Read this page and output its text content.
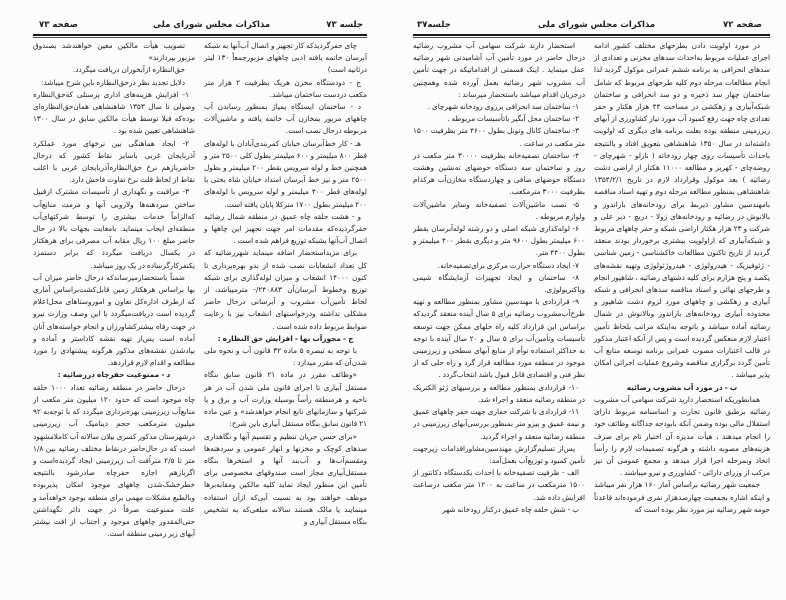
صفحه ۷۳	مذاکرات مجلس شورای ملی	جلسه ۷۳

تصویب هیأت مالکین معین خواهندشد بصندوق مزبور بپردازند»

حق‌النظاره ازآبخوران دریافت میگردد.

دلایل تجدید نظر درحق‌النظاره باین شرح میباشد:

۱- افزایش هزینه‌های اداری پرسنلی که‌حق‌النظاره وصولی تا سال ۱۳۵۳ شاهنشاهی همان‌حق‌النظاره‌ای بوده‌که قبلا توسط هیأت مالکین سابق در سال ۱۳۰۰ شاهنشاهی تعیین شده بود .

۲- ایجاد هماهنگی بین نرخهای مورد عملکرد آذربایجان غربی باسایر نقاط کشور که درحال حاضربازهم نرخ حق‌النظاره‌آذربایجان غربی با اغلب نقاط از لحاظ قلت نرخ تفاوت فاحش دارد.

۳- مراقبت و نگهداری از تأسیسات مشترک ازقبیل ساختن سردهنه‌ها ولاروبی آنها و مرمت منابع‌آب که‌الزاماً خدمات بیشتری را توسط شرکتهای‌آب منطقه‌ای ایجاب مینماید. بامعایت بجهات بالا در حال حاضر مبلغ ۱۰۰ ریال مقابه آب مصرفی برای هرهکتار در یکسال دریافت میگردد که برابر دستمزد یکنفرکارگرساده در یک روز میباشد.

ضمناً باستحضارمیرساند‌که درحال حاضر میزان آب بها براساس هرهکتار زمین قابل‌کشت‌براساس آماری که ازطرف اداره‌کل تعاون و اموروستاهای محل‌اعلام گردیده است دریافت‌میگردد با این وصف وزارت نیرو در جهت رفاه بیشترکشاورزان و انجام خواسته‌های آنان آماده است پس‌از تهیه نقشه کاداستر و آماده و بپادشدن نقشه‌های مذکور هرگونه پیشنهادی را مورد مطالعه و اقدام لازم قراردهد.

د - ممنوعیت حفرچاه دررضائیه :

درحال حاضر در منطقه رضائیه تعداد ۱۰۰۰ حلقه چاه موجود است که حدود ۱۲۰ میلیون متر مکعب از منابع‌آب زیرزمینی بهره‌برداری میگردد که با توجه‌به ۹۲ میلیون مترمکعب حجم دینامیک آب زیرزمینی درشهرستان مذکور کسری بیلان سالانه آب کاملامشهود است که در حال‌حاضر درنقاط مختلف رضائیه بین ۱/۸ متر تا ۲/۵ متراُفت آب زیرزمینی ایجاد گردیده‌است و اگربازهم اجازه حفرچاه صادرشود بالنتیجه خطرخشک‌شدن چاههای موجود امکان پذیربوده وبالطبع مشکلات مهمی برای منطقه بوجود خواهدآمد و علت ممنوعیت صرفاً در جهت دائر نگهداشتن حتی‌المقدور چاههای موجود و اجتناب از افت بیشتر آبهای زیر زمینی منطقه است.

چای حفرگردید‌که کار تجهیز و اتصال آب‌آنها به شبکه آبرسان خاتمه یافته (دبی چاههای مزبورجمعاً ۱۳۰ لیتر درثانیه است)

ج - دودستگاه مخزن هریک بظرفیت ۲ هزار متر مکعب دردست ساختمان میباشد.

د - ساختمان ایستگاه پمپاژ بمنظور رساندن آب چاههای مزبور بمخازن آب خاتمه یافته و ماشین‌آلات مربوطه درحال نصب است.

هـ - کار خط‌آبرسان خیابان کمربندی‌آبادان با لوله‌های قطر ۸۰۰ میلیمتر و ۶۰۰ میلیمتر بطول کلی ۲۵۰۰ متر و همچنین خط و لوله سرویس بقطر ۲۰۰ میلیمتر و بطول ۲۵۰۰ متر و نیز خط آبرسان امتداد خیابان شاه بختی با لوله‌های قطر ۴۰۰ میلیمتر و لوله سرویس با لوله‌های ۲۰۰ میلیمتر بطول ۱۷۰۰ مترکلا پایان یافته است.

و - هشت حلقه چاه عمیق در منطقه شمال رضائیه حفرگردیده‌که مقدمات امر جهت تجهیز این چاهها و اتصال آب‌آنها بشبکه توزیع فراهم شده است .

برای مزیداستحضار اضافه مینماید شهررضائیه که کل تعداد انشعابات نصب شده از بدو بهره‌برداری تا کنون ۱۴۰۰۰ انشعاب و میزان لوله‌گذاری برای شبکه توزیع وخطوط آبرسان‌آن ۲۴۰۸۸۳/- مترمیباشد، از لحاظ تأمین‌آب مشروب و آبرسانی درحال حاضر مشکلی نداشته ودرخواستهای انشعاب نیز با رعایت ضوابط مربوط داده شده است .

ج - مجوزآب بها - افزایش حق النظاره :

با توجه به تبصره ۵ ماده ۳۲ قانون آب و نحوه ملی شدن‌آن که مقرر میدارد :

«وظائف مقرر در ماده ۲۱ قانون سابق بنگاه مستقل آبیاری تا اجرای قانون ملی شدن آب در هر ناحیه و هرمنطقه رأساً بوسیله وزارت آب و برق و یا شرکتها و سازمانهای تابع انجام خواهدشد» و عین ماده ۲۱ قانون سابق بنگاه مستقل آبیاری باین شرح:

«برای حسن جریان تنظیم و تقسیم آبها و نگاهداری سدهای کوچک و مخزنها و انهار عمومی و سردهنه‌ها ومقسم‌آب‌ها و آب‌بند آنها و استخرها بنگاه مستقل‌آبیاری مجاز است صندوقهای مخصوصی برای تأمین این منظور ایجاد نماید کلیه مالکین ومقابه‌برها موظف خواهند بود به نسبت آبی‌که ازآن استفاده مینمایند یا مالک هستند سالانه مبلغی‌که به تشخیص بنگاه مستقل آبیاری و

جلسه۳۷	مذاکرات مجلس شورای ملی	صفحه ۷۲

استحضار دارند شرکت سهامی آب مشروب رضائیه درحال حاضر در مورد تأمین آب آشامیدنی شهر رضائیه عمل مینماید . اینک قسمتی از اقداماتیکه در جهت تأمین آب مشروب شهر رضائیه بعمل آورده شده وهمچنین درجریان اقدام میباشد باستحضار میرساند :

۱- ساختمان سد انحرافی برروی رودخانه شهرچای .

۲- ساختمان محل آبگیر باتأسیسات مربوطه .

۳- ساختمان کانال وتونل بطول ۴۶۰۰ متر بظرفیت ۱۵۰۰ متر مکعب در ساعت .

۴- ساختمان تصفیه‌خانه بظرفیت ۳۰۰۰۰ متر مکعب در روز و ساختمان سه دستگاه حوضهای ته‌نشین وهشت دستگاه حوضهای صافی و چهاردستگاه مخازن‌آب هرکدام بظرفیت ۳۰۰۰ مترمکعب.

۵- نصب ماشین‌آلات تصفیه‌خانه وسایر ماشین‌آلات ولوازم مربوطه .

۶- لوله‌کذاری شبکه اصلی و دو رشته لوله‌آبرسان بقطر ۶۰۰ میلیمتر بطول ۹۶۰۰ متر و دیگری بقطر ۴۰۰ میلیمتر و بطول ۴۴۰۰ متر.

۷- ایجاد دستگاه حرارت مرکزی برای‌تصفیه‌خانه.

۸- ساختمان و ایجاد تجهیزات آزمایشگاه شیمی وباکتریولوژی.

۹- قراردادی با مهندسین مشاور بمنظور مطالعه و تهیه طرح‌آب‌مشروب رضائیه برای ۵ سال آینده منعقد گردید‌که براساس این قرارداد کلیه راه حلهای ممکن جهت توسعه تأسیسات وتأمین‌آب برای ۵ سال و ۲۰ سال آینده با توجه به حداکثر استفاده توأم از منابع آبهای سطحی و زیرزمینی موجود در منطقه مورد مطالعه قرار گرد و راه حلی که از نظر فنی و اقتصادی قابل قبول باشد انتخاب‌گردد .

۱۰- قراردادی بمنظور مطالعه و بررسیهای ژئو الکتریک در منطقه رضائیه منعقد و اجراء شد.

۱۱- قراردادی با شرکت حفاری جهت حفر چاههای عمیق و نیمه عمیق و پیزو متر بمنظور بررسی‌آبهای زیرزمینی در منطقه رضائیه منعقد و اجراء گردید.

پس‌از تسلیم‌گزارش مهندسین‌مشاوراقدامات زیرجهت تأمین کمبود و توزیع‌آب بعمل‌آمد:

الف - ظرفیت تصفیه‌خانه با احداث یکدستگاه دکانتور از ۱۵۰۰ مترمکعب در ساعت به ۱۲۰۰ متر مکعب درساعت افزایش داده شد.

ب - شش حلقه چاه عمیق درکنار رودخانه شهر

در مورد اولویت دادن بطرحهای مختلف کشور ادامه اجرای عملیات مربوط به‌احداث سدهای مخزنی و تعدادی از سدهای انحرافی به برنامه ششم عمرانی موکول گردید لذا انجام مطالعات مرحله دوم کلیه طرحهای مربوط که شامل ساختمان چهار سد ذخیره و دو سد انحرافی و ساختمان شبکه‌آبیاری و زهکشی در مساحت ۴۴ هزار هکتار و حفر تعدادی چاه جهت رفع کمبود آب مورد نیاز کشاورزی از آبهای زیرزمینی منطقه بوده بعلت برنامه های دیگری که اولویت داشته‌اند در سال ۱۳۵۰ شاهنشاهی بتعویق افتاد و بالنتیجه باحداث تأسیسات روی چهار رودخانه ( نازلو - شهرچای - روضه‌چای - کهریز و مطالعه ۱۱۰۰۰ هکتار از اراضی دشت رضائیه ) بعد موکول وقرارداد لازم در تاریخ ۱۳۵۴/۲/۱ شاهنشاهی بمنظور مطالعه مرحله دوم و تهیه اسناد مناقصه بامهندسین مشاور ذیربط برای رودخانه‌های باراندوز و بالانوش در رضائیه و رودخانه‌های زولا - دریچ - دیر علی و شرکت و ۲۳ هزار هکتار اراضی شبکه و حفر چاههای مربوط و شبکه‌آبیاری که ازاولویت بیشتری برخوردار بودند منعقد گردید از تاریخ تاکنون مطالعات خاکشناسی - زمین شناسی - ژئوفیزیک - هیدرولوژی - هیدروژئولوژی وتهیه نقشه‌های یکصد و پنج هزارم برای کلیه دشتهای رضائیه ، شاهپور انجام و طرحهای نهائی و اسناد مناقصه سدهای انحرافی و شبکه آبیاری و زهکشی و چاههای مورد لزوم دشت شاهپور و محدوده آبیاری رودخانه‌های باراندوز وبالانوش در شمال رضائیه آماده میباشد و باتوجه به‌اینکه مراتب بلحاظ تأمین اعتبار لازم منعکس گردیده است و پس از آنکه اعتبار مذکور در قالب اعتبارات مصوب عمرانی برنامه توسعه منابع آب تأمین گردد برگزاری مناقصه وشروع عملیات اجرائی امکان پذیر میباشد .

ب - در مورد آب مشروب رضائیه

همانطوریکه استحضار دارید شرکت سهامی آب مشروب رضائیه برطبق قانون تجارت و اساسنامه مربوط دارای استقلال مالی بوده وضمن آنکه بابودجه جداگانه وظائف خود را انجام میدهند ، هیأت مدیره آن اختیار تام برای صرف هزینه‌های مصوبه داشته و هرگونه تصمیمات لازم را رأساً اتخاذ وبمرحله اجرا قرار میدهد و مجمع عمومی آن نیز مرکب از وزرای دارائی - کشاورزی و نیرو میباشند .

جمعیت شهر رضائیه براساس آمار ۱۶۰ هزار نفر میباشد و اینکه اشاره بجمعیت چهارصدهزار نفری فرموده‌اند قاعدتاً حومه شهر رضائیه نیز مورد نظر بوده است که
